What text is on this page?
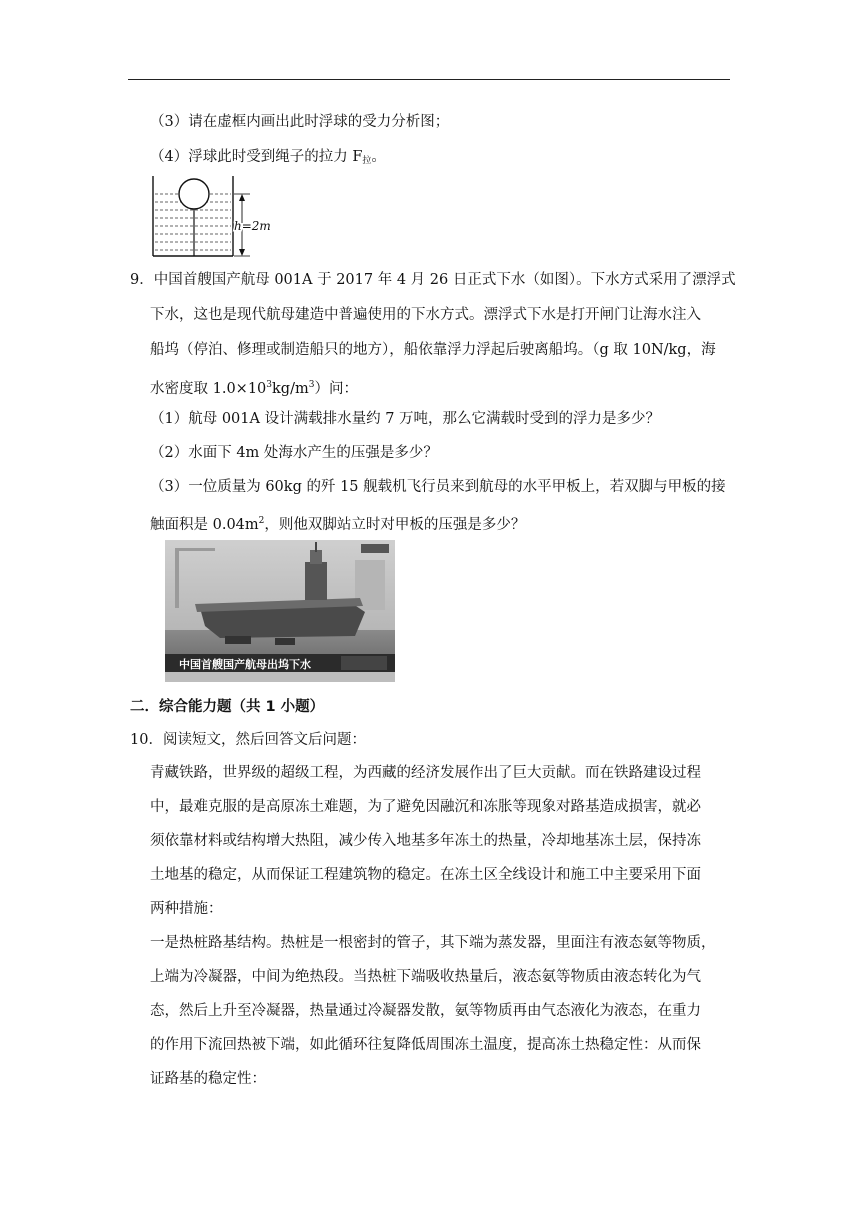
（3）请在虚框内画出此时浮球的受力分析图；
（4）浮球此时受到绳子的拉力 $F_拉$。
h=2m
9．中国首艘国产航母 001A 于 2017 年 4 月 26 日正式下水（如图）。下水方式采用了漂浮式
下水，这也是现代航母建造中普遍使用的下水方式。漂浮式下水是打开闸门让海水注入
船坞（停泊、修理或制造船只的地方），船依靠浮力浮起后驶离船坞。（g 取 10N/kg，海
水密度取 $1.0\times 10^3kg/m^3$）问：
（1）航母 001A 设计满载排水量约 7 万吨，那么它满载时受到的浮力是多少？
（2）水面下 4m 处海水产生的压强是多少？
（3）一位质量为 60kg 的歼 15 舰载机飞行员来到航母的水平甲板上，若双脚与甲板的接
触面积是 $0.04m^2$，则他双脚站立时对甲板的压强是多少？
中国首艘国产航母出坞下水
二．综合能力题（共 1 小题）
10．阅读短文，然后回答文后问题：
青藏铁路，世界级的超级工程，为西藏的经济发展作出了巨大贡献。而在铁路建设过程
中，最难克服的是高原冻土难题，为了避免因融沉和冻胀等现象对路基造成损害，就必
须依靠材料或结构增大热阻，减少传入地基多年冻土的热量，冷却地基冻土层，保持冻
土地基的稳定，从而保证工程建筑物的稳定。在冻土区全线设计和施工中主要采用下面
两种措施：
一是热桩路基结构。热桩是一根密封的管子，其下端为蒸发器，里面注有液态氨等物质，
上端为冷凝器，中间为绝热段。当热桩下端吸收热量后，液态氨等物质由液态转化为气
态，然后上升至冷凝器，热量通过冷凝器发散，氨等物质再由气态液化为液态，在重力
的作用下流回热被下端，如此循环往复降低周围冻土温度，提高冻土热稳定性：从而保
证路基的稳定性：
